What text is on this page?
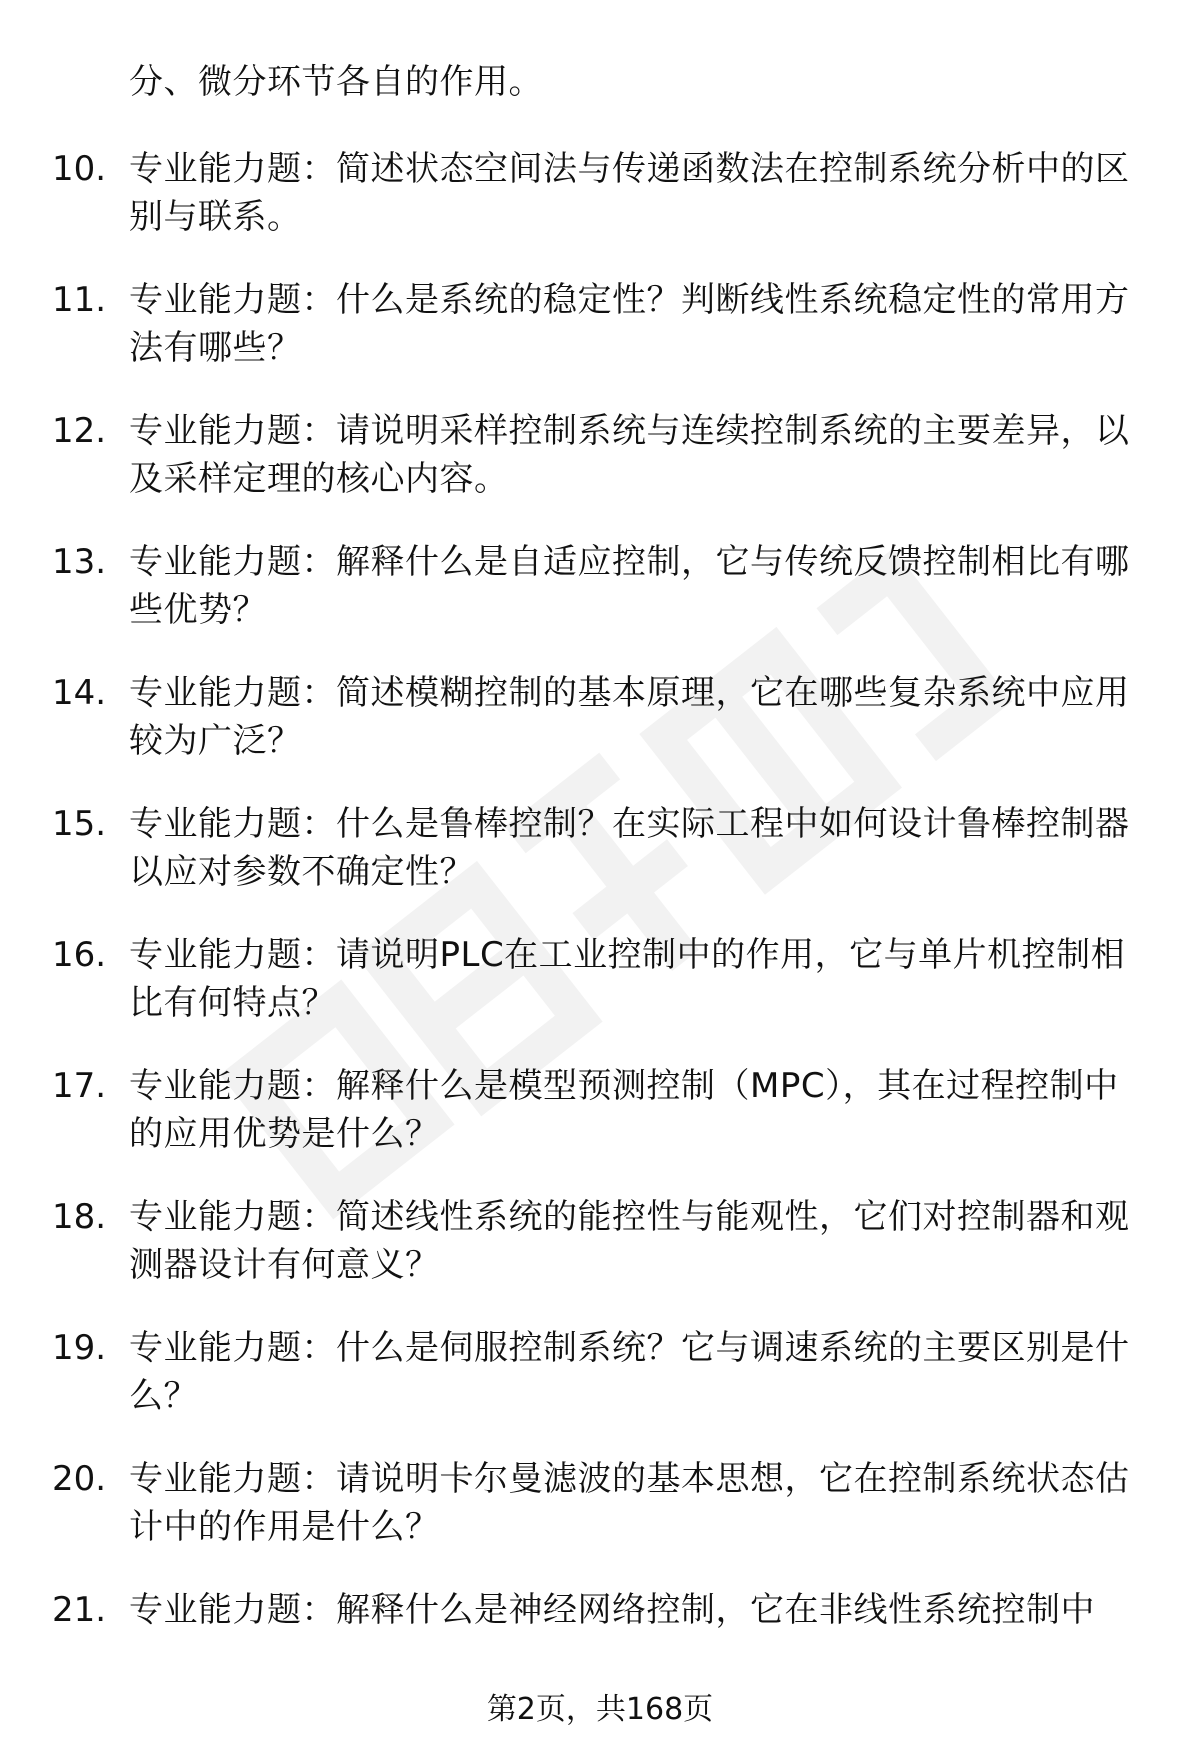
分、微分环节各自的作用。
10. 专业能力题：简述状态空间法与传递函数法在控制系统分析中的区别与联系。
11. 专业能力题：什么是系统的稳定性？判断线性系统稳定性的常用方法有哪些？
12. 专业能力题：请说明采样控制系统与连续控制系统的主要差异，以及采样定理的核心内容。
13. 专业能力题：解释什么是自适应控制，它与传统反馈控制相比有哪些优势？
14. 专业能力题：简述模糊控制的基本原理，它在哪些复杂系统中应用较为广泛？
15. 专业能力题：什么是鲁棒控制？在实际工程中如何设计鲁棒控制器以应对参数不确定性？
16. 专业能力题：请说明PLC在工业控制中的作用，它与单片机控制相比有何特点？
17. 专业能力题：解释什么是模型预测控制（MPC），其在过程控制中的应用优势是什么？
18. 专业能力题：简述线性系统的能控性与能观性，它们对控制器和观测器设计有何意义？
19. 专业能力题：什么是伺服控制系统？它与调速系统的主要区别是什么？
20. 专业能力题：请说明卡尔曼滤波的基本思想，它在控制系统状态估计中的作用是什么？
21. 专业能力题：解释什么是神经网络控制，它在非线性系统控制中
第2页，共168页
